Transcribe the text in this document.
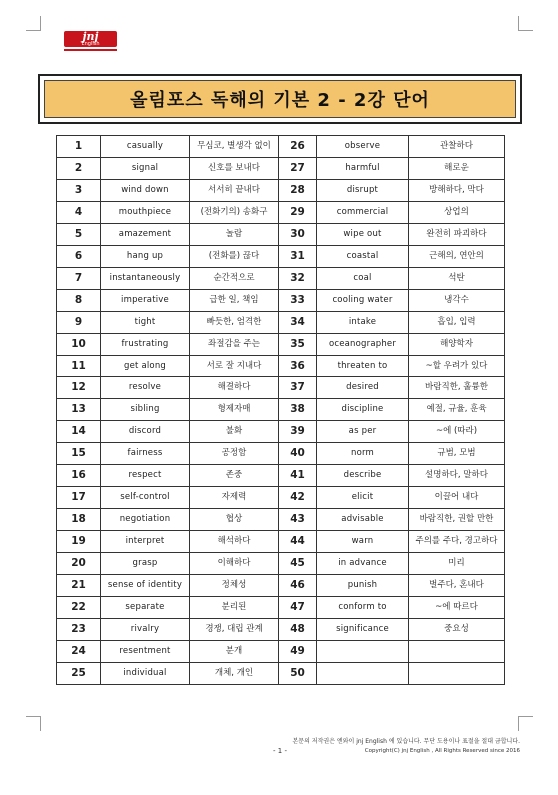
jnj
English
올림포스 독해의 기본 2 - 2강 단어
1	casually	무심코, 별생각 없이	26	observe	관찰하다
2	signal	신호를 보내다	27	harmful	해로운
3	wind down	서서히 끝내다	28	disrupt	방해하다, 막다
4	mouthpiece	(전화기의) 송화구	29	commercial	상업의
5	amazement	놀람	30	wipe out	완전히 파괴하다
6	hang up	(전화를) 끊다	31	coastal	근해의, 연안의
7	instantaneously	순간적으로	32	coal	석탄
8	imperative	급한 일, 책임	33	cooling water	냉각수
9	tight	빠듯한, 엄격한	34	intake	흡입, 입력
10	frustrating	좌절감을 주는	35	oceanographer	해양학자
11	get along	서로 잘 지내다	36	threaten to	~할 우려가 있다
12	resolve	해결하다	37	desired	바람직한, 훌륭한
13	sibling	형제자매	38	discipline	예절, 규율, 훈육
14	discord	불화	39	as per	~에 (따라)
15	fairness	공정함	40	norm	규범, 모범
16	respect	존중	41	describe	설명하다, 말하다
17	self-control	자제력	42	elicit	이끌어 내다
18	negotiation	협상	43	advisable	바람직한, 권할 만한
19	interpret	해석하다	44	warn	주의를 주다, 경고하다
20	grasp	이해하다	45	in advance	미리
21	sense of identity	정체성	46	punish	벌주다, 혼내다
22	separate	분리된	47	conform to	~에 따르다
23	rivalry	경쟁, 대립 관계	48	significance	중요성
24	resentment	분개	49		
25	individual	개체, 개인	50		
본문의 저작권은 엔와이 jnj English 에 있습니다. 무단 도용이나 표절을 절대 금합니다.
- 1 -	Copyright(C) jnj English , All Rights Reserved since 2016
